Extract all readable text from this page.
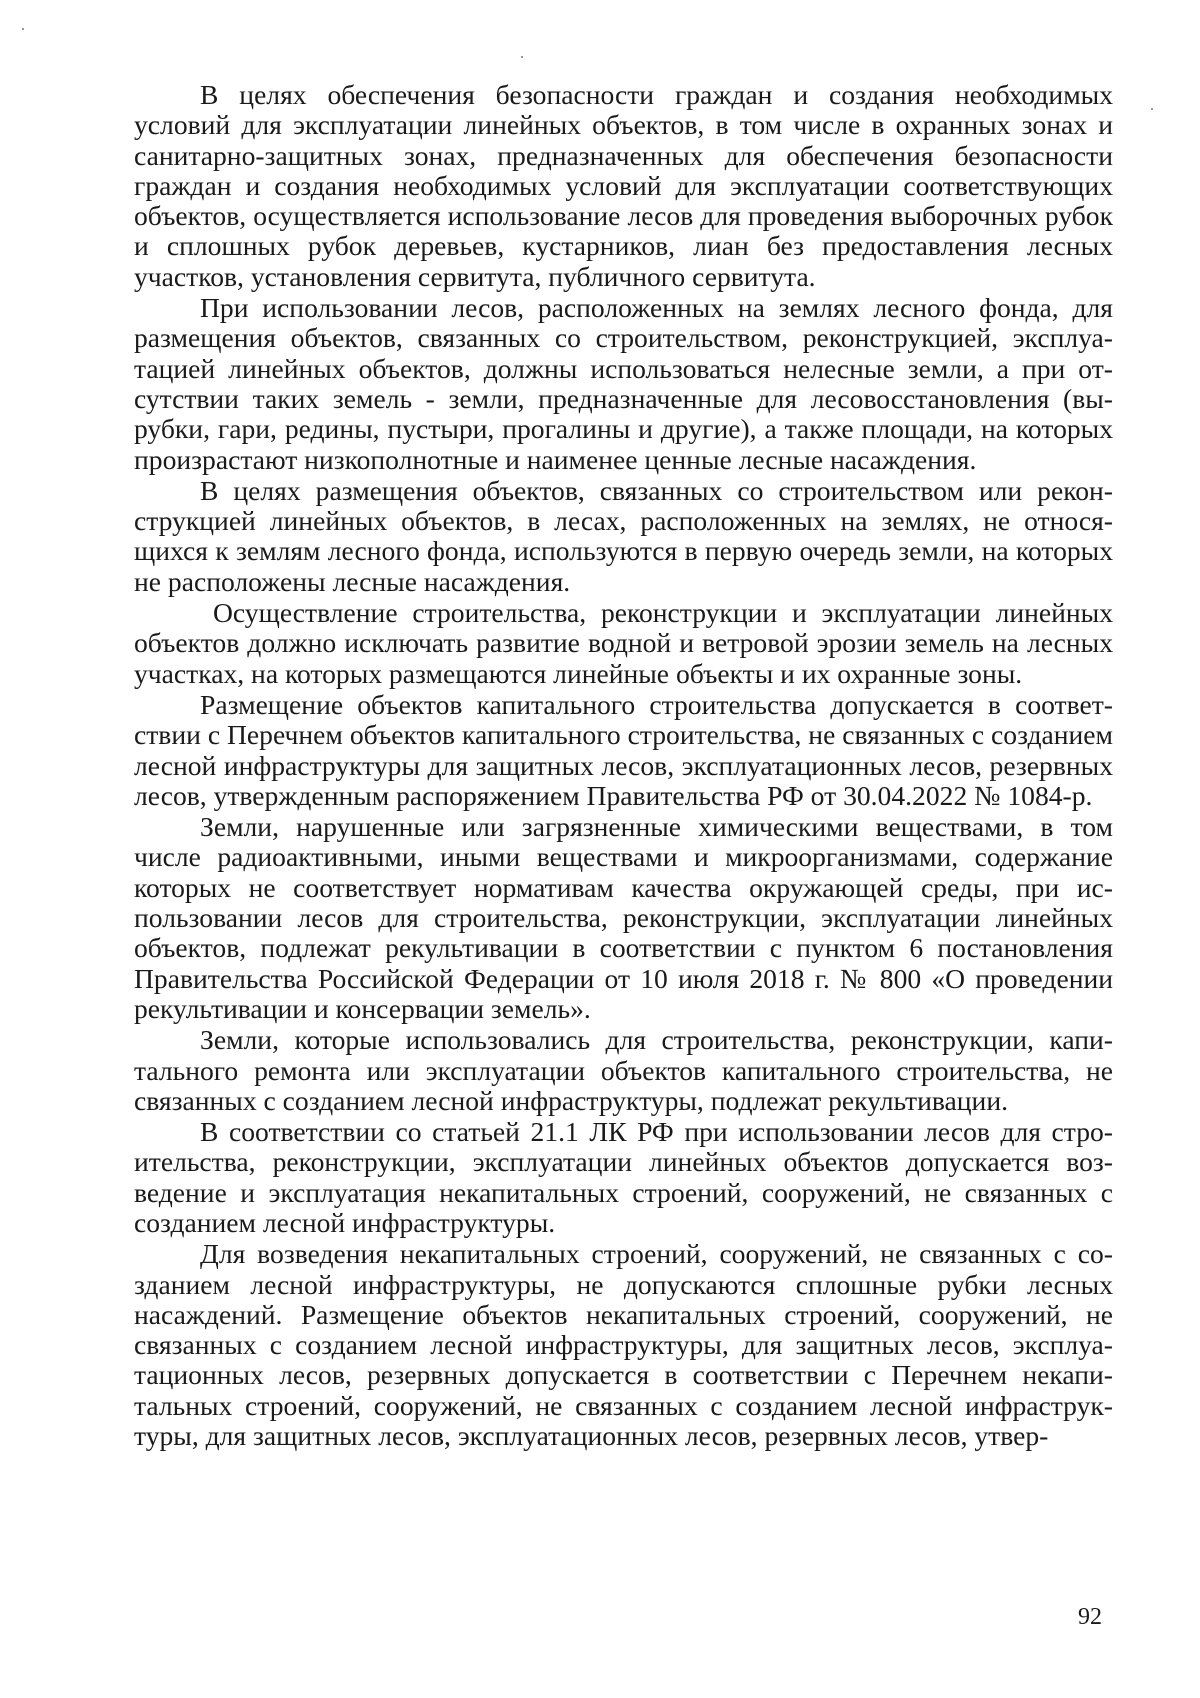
В целях обеспечения безопасности граждан и создания необходимых условий для эксплуатации линейных объектов, в том числе в охранных зонах и санитарно-защитных зонах, предназначенных для обеспечения безопасности граждан и создания необходимых условий для эксплуатации соответствующих объектов, осуществляется использование лесов для проведения выборочных рубок и сплошных рубок деревьев, кустарников, лиан без предоставления лесных участков, установления сервитута, публичного сервитута.

При использовании лесов, расположенных на землях лесного фонда, для размещения объектов, связанных со строительством, реконструкцией, эксплуатацией линейных объектов, должны использоваться нелесные земли, а при отсутствии таких земель - земли, предназначенные для лесовосстановления (вырубки, гари, редины, пустыри, прогалины и другие), а также площади, на которых произрастают низкополнотные и наименее ценные лесные насаждения.

В целях размещения объектов, связанных со строительством или реконструкцией линейных объектов, в лесах, расположенных на землях, не относящихся к землям лесного фонда, используются в первую очередь земли, на которых не расположены лесные насаждения.

Осуществление строительства, реконструкции и эксплуатации линейных объектов должно исключать развитие водной и ветровой эрозии земель на лесных участках, на которых размещаются линейные объекты и их охранные зоны.

Размещение объектов капитального строительства допускается в соответствии с Перечнем объектов капитального строительства, не связанных с созданием лесной инфраструктуры для защитных лесов, эксплуатационных лесов, резервных лесов, утвержденным распоряжением Правительства РФ от 30.04.2022 № 1084-р.

Земли, нарушенные или загрязненные химическими веществами, в том числе радиоактивными, иными веществами и микроорганизмами, содержание которых не соответствует нормативам качества окружающей среды, при использовании лесов для строительства, реконструкции, эксплуатации линейных объектов, подлежат рекультивации в соответствии с пунктом 6 постановления Правительства Российской Федерации от 10 июля 2018 г. № 800 «О проведении рекультивации и консервации земель».

Земли, которые использовались для строительства, реконструкции, капитального ремонта или эксплуатации объектов капитального строительства, не связанных с созданием лесной инфраструктуры, подлежат рекультивации.

В соответствии со статьей 21.1 ЛК РФ при использовании лесов для строительства, реконструкции, эксплуатации линейных объектов допускается возведение и эксплуатация некапитальных строений, сооружений, не связанных с созданием лесной инфраструктуры.

Для возведения некапитальных строений, сооружений, не связанных с созданием лесной инфраструктуры, не допускаются сплошные рубки лесных насаждений. Размещение объектов некапитальных строений, сооружений, не связанных с созданием лесной инфраструктуры, для защитных лесов, эксплуатационных лесов, резервных допускается в соответствии с Перечнем некапитальных строений, сооружений, не связанных с созданием лесной инфраструктуры, для защитных лесов, эксплуатационных лесов, резервных лесов, утвер-

92
